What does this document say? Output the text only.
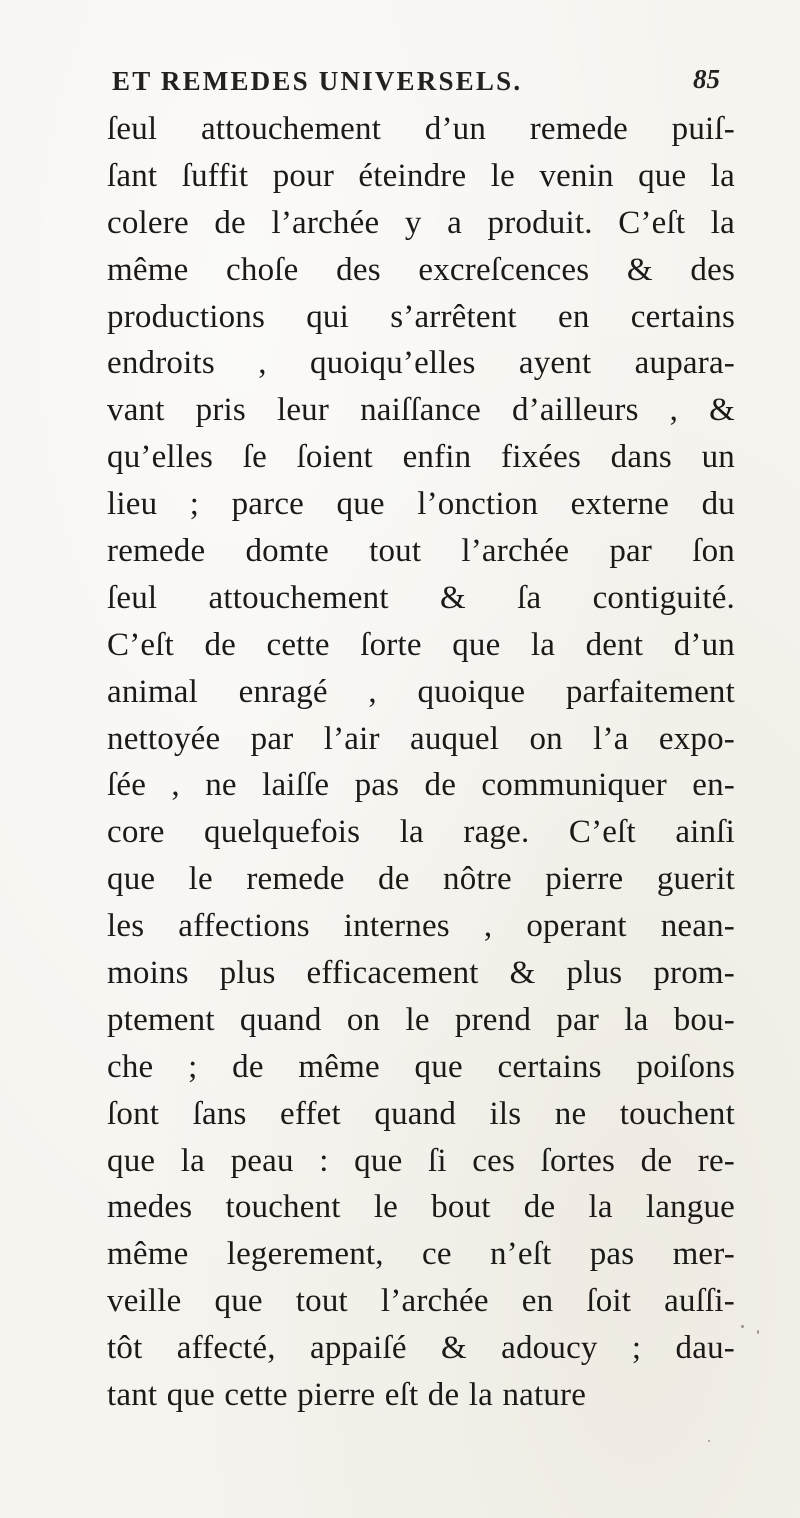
ET REMEDES UNIVERSELS.	85
ſeul attouchement d’un remede puiſ-
ſant ſuffit pour éteindre le venin que la
colere de l’archée y a produit. C’eſt la
même choſe des excreſcences & des
productions qui s’arrêtent en certains
endroits , quoiqu’elles ayent aupara-
vant pris leur naiſſance d’ailleurs , &
qu’elles ſe ſoient enfin fixées dans un
lieu ; parce que l’onction externe du
remede domte tout l’archée par ſon
ſeul attouchement & ſa contiguité.
C’eſt de cette ſorte que la dent d’un
animal enragé , quoique parfaitement
nettoyée par l’air auquel on l’a expo-
ſée , ne laiſſe pas de communiquer en-
core quelquefois la rage. C’eſt ainſi
que le remede de nôtre pierre guerit
les affections internes , operant nean-
moins plus efficacement & plus prom-
ptement quand on le prend par la bou-
che ; de même que certains poiſons
ſont ſans effet quand ils ne touchent
que la peau : que ſi ces ſortes de re-
medes touchent le bout de la langue
même legerement, ce n’eſt pas mer-
veille que tout l’archée en ſoit auſſi-
tôt affecté, appaiſé & adoucy ; dau-
tant que cette pierre eſt de la nature
